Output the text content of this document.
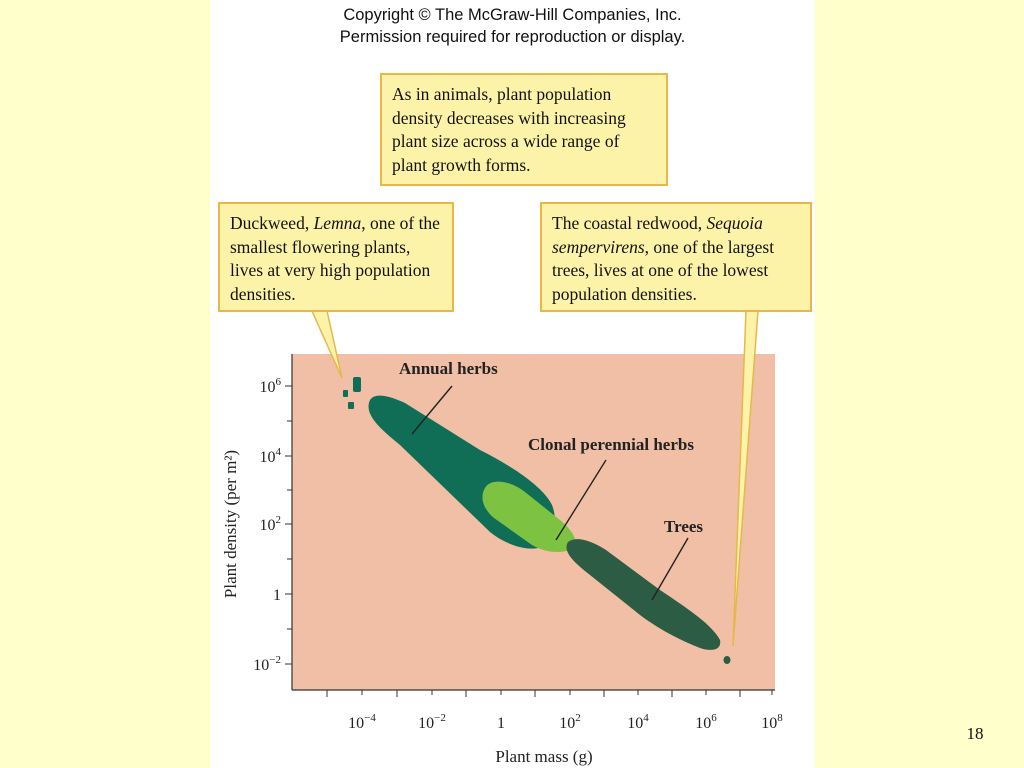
Copyright © The McGraw-Hill Companies, Inc.
Permission required for reproduction or display.
Annual herbs
Clonal perennial herbs
Trees
$10^6$
$10^4$
$10^2$
1
$10^{-2}$
$10^{-4}$	$10^{-2}$	1	$10^2$	$10^4$	$10^6$	$10^8$
Plant mass (g)
Plant density (per m²)
As in animals, plant population density decreases with increasing plant size across a wide range of plant growth forms.
Duckweed, Lemna, one of the smallest flowering plants, lives at very high population densities.
The coastal redwood, Sequoia sempervirens, one of the largest trees, lives at one of the lowest population densities.
18
